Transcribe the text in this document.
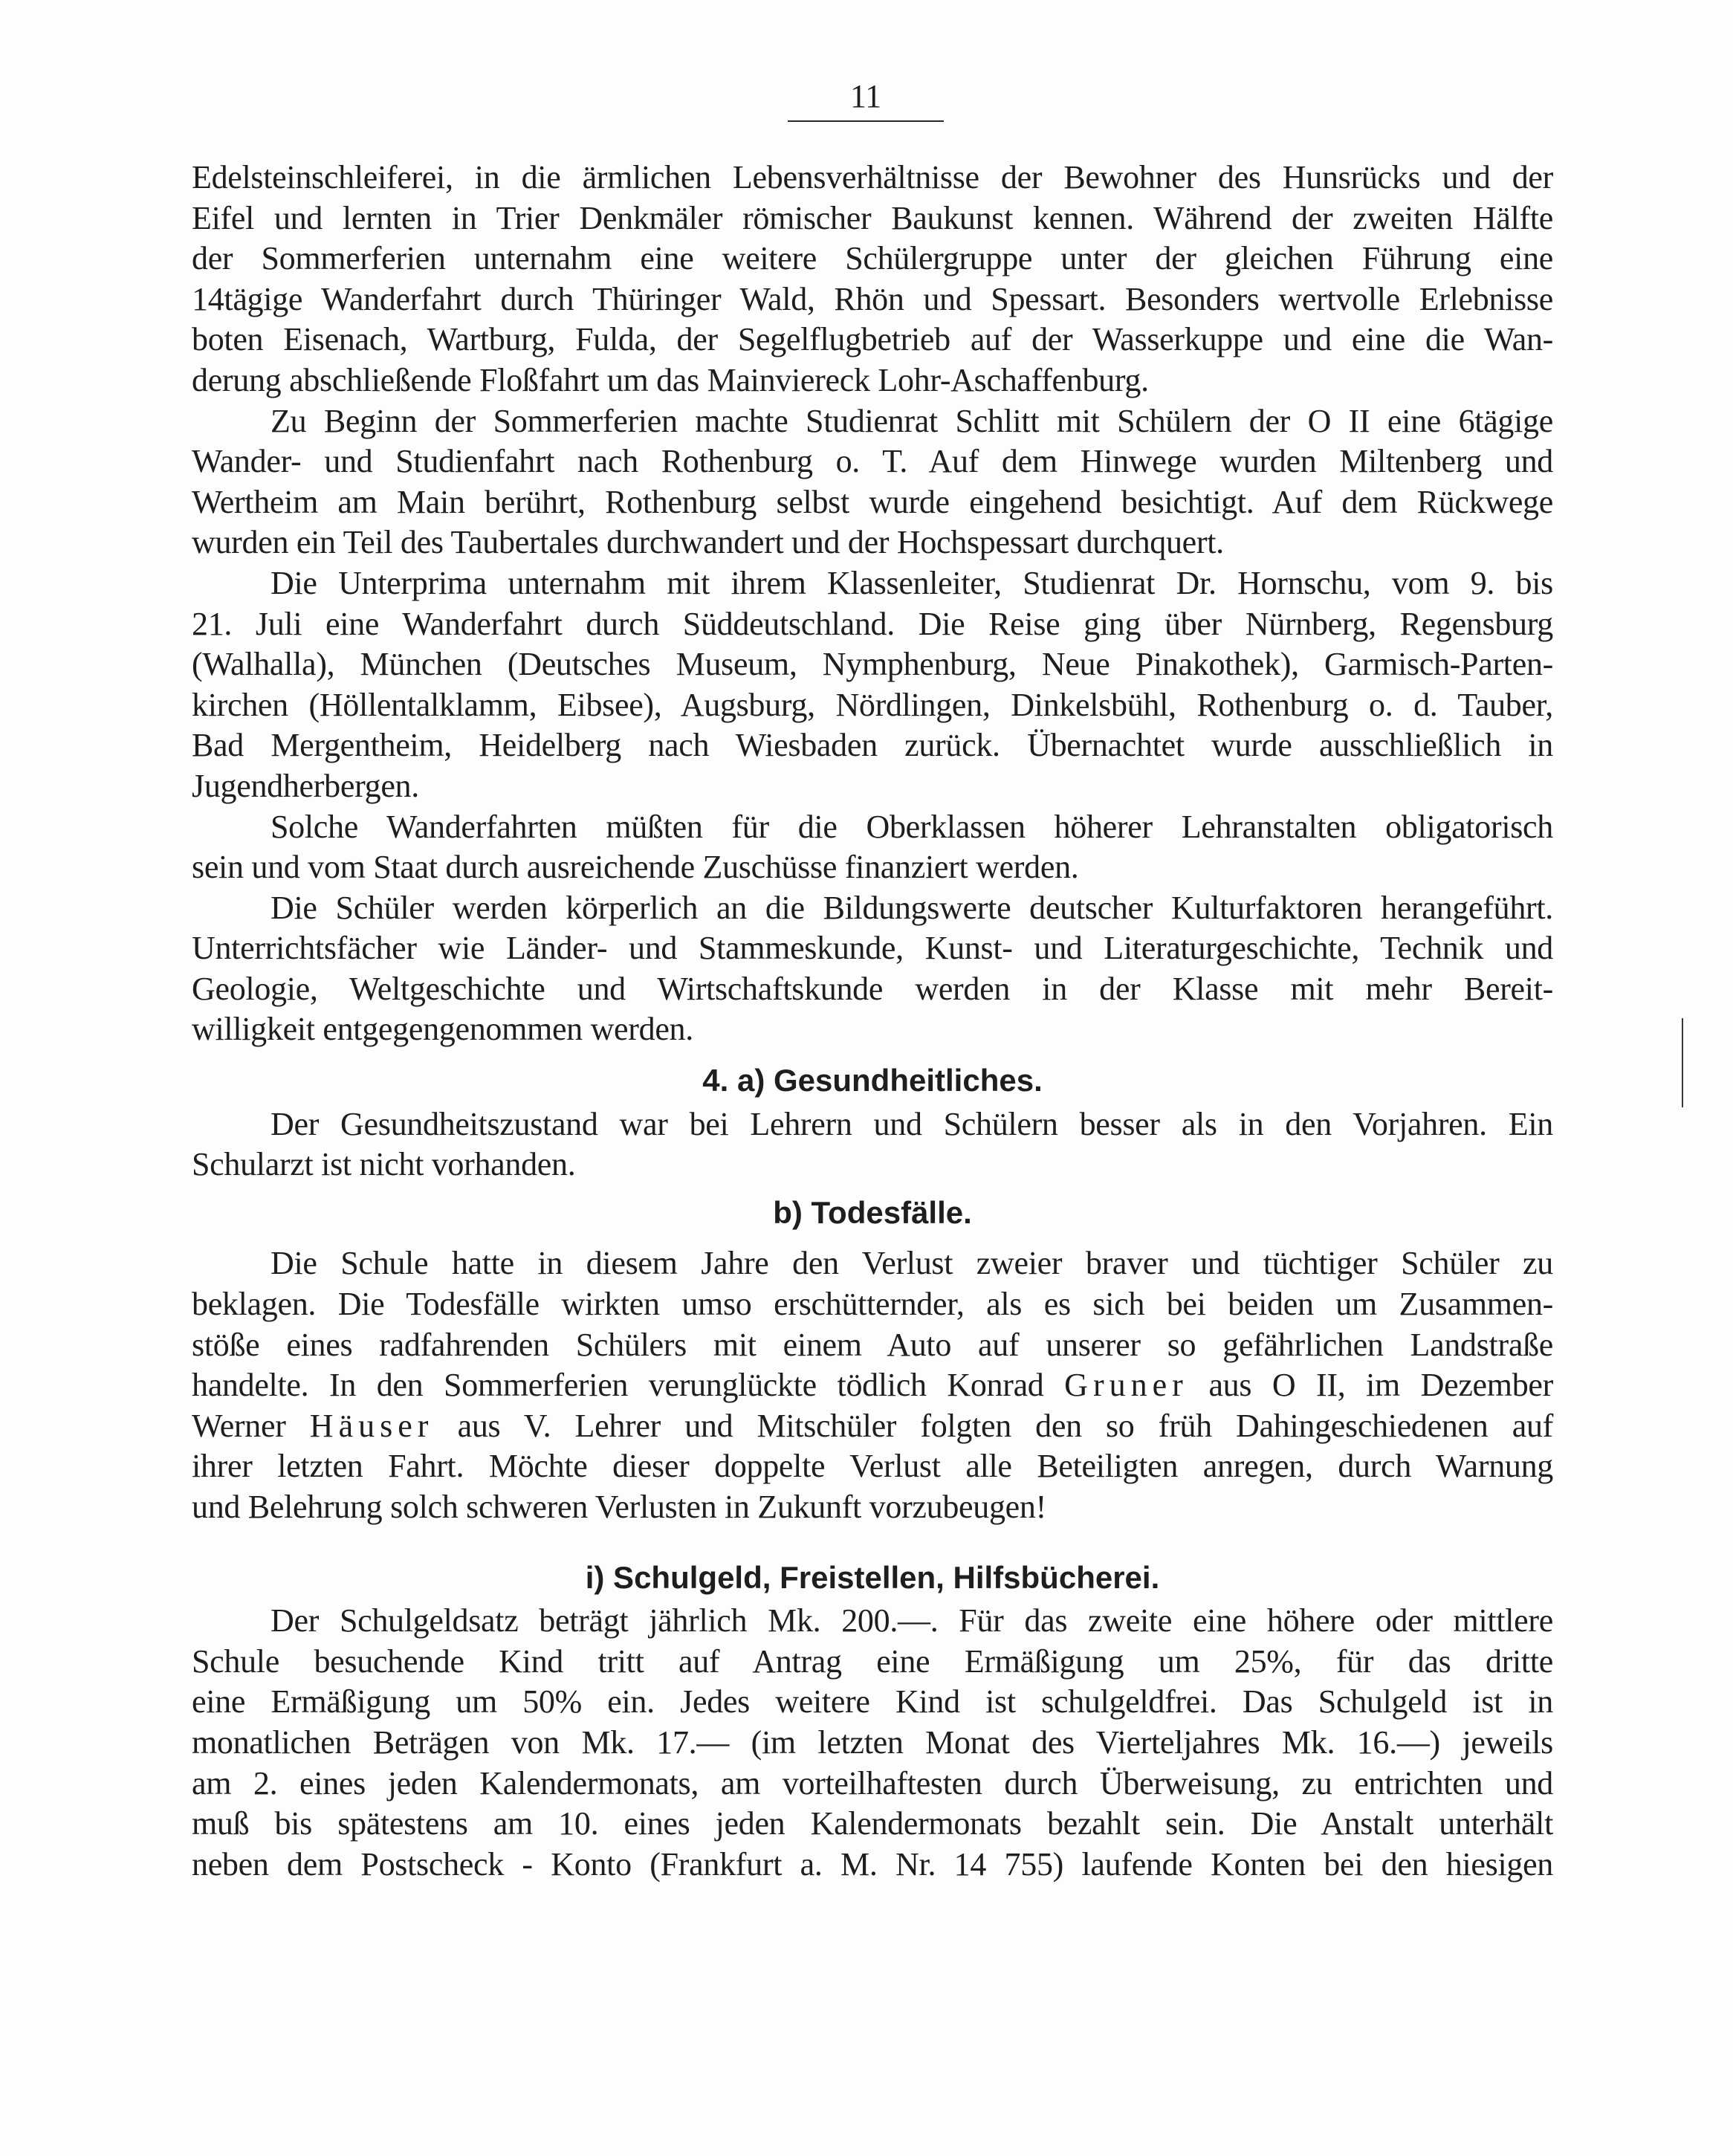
11
Edelsteinschleiferei, in die ärmlichen Lebensverhältnisse der Bewohner des Hunsrücks und der
Eifel und lernten in Trier Denkmäler römischer Baukunst kennen. Während der zweiten Hälfte
der Sommerferien unternahm eine weitere Schülergruppe unter der gleichen Führung eine
14tägige Wanderfahrt durch Thüringer Wald, Rhön und Spessart. Besonders wertvolle Erlebnisse
boten Eisenach, Wartburg, Fulda, der Segelflugbetrieb auf der Wasserkuppe und eine die Wan-
derung abschließende Floßfahrt um das Mainviereck Lohr-Aschaffenburg.
Zu Beginn der Sommerferien machte Studienrat Schlitt mit Schülern der O II eine 6tägige
Wander- und Studienfahrt nach Rothenburg o. T. Auf dem Hinwege wurden Miltenberg und
Wertheim am Main berührt, Rothenburg selbst wurde eingehend besichtigt. Auf dem Rückwege
wurden ein Teil des Taubertales durchwandert und der Hochspessart durchquert.
Die Unterprima unternahm mit ihrem Klassenleiter, Studienrat Dr. Hornschu, vom 9. bis
21. Juli eine Wanderfahrt durch Süddeutschland. Die Reise ging über Nürnberg, Regensburg
(Walhalla), München (Deutsches Museum, Nymphenburg, Neue Pinakothek), Garmisch-Parten-
kirchen (Höllentalklamm, Eibsee), Augsburg, Nördlingen, Dinkelsbühl, Rothenburg o. d. Tauber,
Bad Mergentheim, Heidelberg nach Wiesbaden zurück. Übernachtet wurde ausschließlich in
Jugendherbergen.
Solche Wanderfahrten müßten für die Oberklassen höherer Lehranstalten obligatorisch
sein und vom Staat durch ausreichende Zuschüsse finanziert werden.
Die Schüler werden körperlich an die Bildungswerte deutscher Kulturfaktoren herangeführt.
Unterrichtsfächer wie Länder- und Stammeskunde, Kunst- und Literaturgeschichte, Technik und
Geologie, Weltgeschichte und Wirtschaftskunde werden in der Klasse mit mehr Bereit-
willigkeit entgegengenommen werden.
4. a) Gesundheitliches.
Der Gesundheitszustand war bei Lehrern und Schülern besser als in den Vorjahren. Ein
Schularzt ist nicht vorhanden.
b) Todesfälle.
Die Schule hatte in diesem Jahre den Verlust zweier braver und tüchtiger Schüler zu
beklagen. Die Todesfälle wirkten umso erschütternder, als es sich bei beiden um Zusammen-
stöße eines radfahrenden Schülers mit einem Auto auf unserer so gefährlichen Landstraße
handelte. In den Sommerferien verunglückte tödlich Konrad Gruner aus O II, im Dezember
Werner Häuser aus V. Lehrer und Mitschüler folgten den so früh Dahingeschiedenen auf
ihrer letzten Fahrt. Möchte dieser doppelte Verlust alle Beteiligten anregen, durch Warnung
und Belehrung solch schweren Verlusten in Zukunft vorzubeugen!
i) Schulgeld, Freistellen, Hilfsbücherei.
Der Schulgeldsatz beträgt jährlich Mk. 200.—. Für das zweite eine höhere oder mittlere
Schule besuchende Kind tritt auf Antrag eine Ermäßigung um 25%, für das dritte
eine Ermäßigung um 50% ein. Jedes weitere Kind ist schulgeldfrei. Das Schulgeld ist in
monatlichen Beträgen von Mk. 17.— (im letzten Monat des Vierteljahres Mk. 16.—) jeweils
am 2. eines jeden Kalendermonats, am vorteilhaftesten durch Überweisung, zu entrichten und
muß bis spätestens am 10. eines jeden Kalendermonats bezahlt sein. Die Anstalt unterhält
neben dem Postscheck - Konto (Frankfurt a. M. Nr. 14 755) laufende Konten bei den hiesigen
